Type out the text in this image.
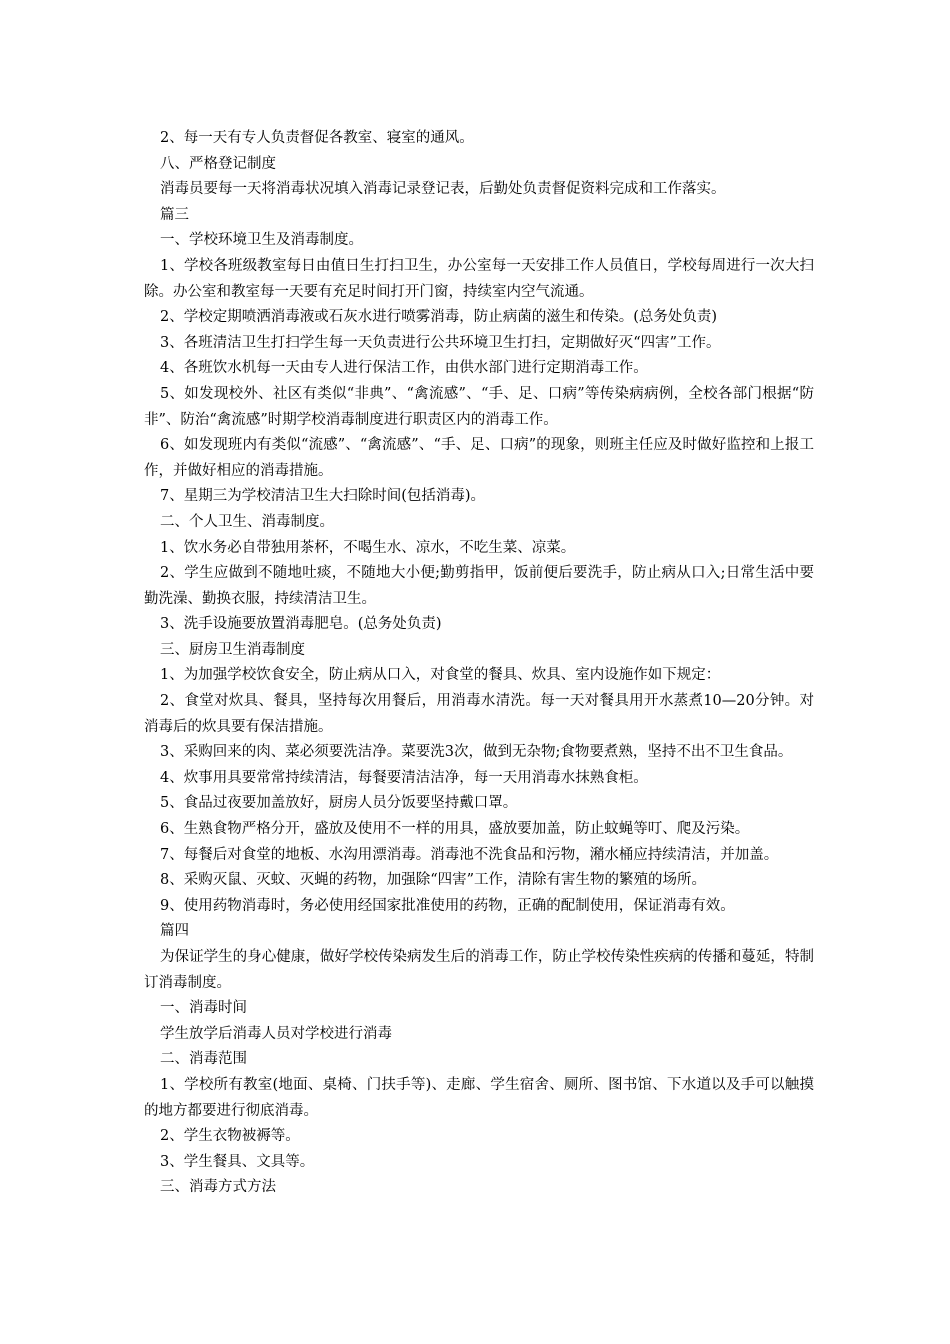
2、每一天有专人负责督促各教室、寝室的通风。

八、严格登记制度

消毒员要每一天将消毒状况填入消毒记录登记表，后勤处负责督促资料完成和工作落实。

篇三

一、学校环境卫生及消毒制度。

1、学校各班级教室每日由值日生打扫卫生，办公室每一天安排工作人员值日，学校每周进行一次大扫除。办公室和教室每一天要有充足时间打开门窗，持续室内空气流通。

2、学校定期喷洒消毒液或石灰水进行喷雾消毒，防止病菌的滋生和传染。(总务处负责)

3、各班清洁卫生打扫学生每一天负责进行公共环境卫生打扫，定期做好灭“四害”工作。

4、各班饮水机每一天由专人进行保洁工作，由供水部门进行定期消毒工作。

5、如发现校外、社区有类似“非典”、“禽流感”、“手、足、口病”等传染病病例，全校各部门根据“防非”、防治“禽流感”时期学校消毒制度进行职责区内的消毒工作。

6、如发现班内有类似“流感”、“禽流感”、“手、足、口病”的现象，则班主任应及时做好监控和上报工作，并做好相应的消毒措施。

7、星期三为学校清洁卫生大扫除时间(包括消毒)。

二、个人卫生、消毒制度。

1、饮水务必自带独用茶杯，不喝生水、凉水，不吃生菜、凉菜。

2、学生应做到不随地吐痰，不随地大小便;勤剪指甲，饭前便后要洗手，防止病从口入;日常生活中要勤洗澡、勤换衣服，持续清洁卫生。

3、洗手设施要放置消毒肥皂。(总务处负责)

三、厨房卫生消毒制度

1、为加强学校饮食安全，防止病从口入，对食堂的餐具、炊具、室内设施作如下规定：

2、食堂对炊具、餐具，坚持每次用餐后，用消毒水清洗。每一天对餐具用开水蒸煮10—20分钟。对消毒后的炊具要有保洁措施。

3、采购回来的肉、菜必须要洗洁净。菜要洗3次，做到无杂物;食物要煮熟，坚持不出不卫生食品。

4、炊事用具要常常持续清洁，每餐要清洁洁净，每一天用消毒水抹熟食柜。

5、食品过夜要加盖放好，厨房人员分饭要坚持戴口罩。

6、生熟食物严格分开，盛放及使用不一样的用具，盛放要加盖，防止蚊蝇等叮、爬及污染。

7、每餐后对食堂的地板、水沟用漂消毒。消毒池不洗食品和污物，潲水桶应持续清洁，并加盖。

8、采购灭鼠、灭蚊、灭蝇的药物，加强除“四害”工作，清除有害生物的繁殖的场所。

9、使用药物消毒时，务必使用经国家批准使用的药物，正确的配制使用，保证消毒有效。

篇四

为保证学生的身心健康，做好学校传染病发生后的消毒工作，防止学校传染性疾病的传播和蔓延，特制订消毒制度。

一、消毒时间

学生放学后消毒人员对学校进行消毒

二、消毒范围

1、学校所有教室(地面、桌椅、门扶手等)、走廊、学生宿舍、厕所、图书馆、下水道以及手可以触摸的地方都要进行彻底消毒。

2、学生衣物被褥等。

3、学生餐具、文具等。

三、消毒方式方法
